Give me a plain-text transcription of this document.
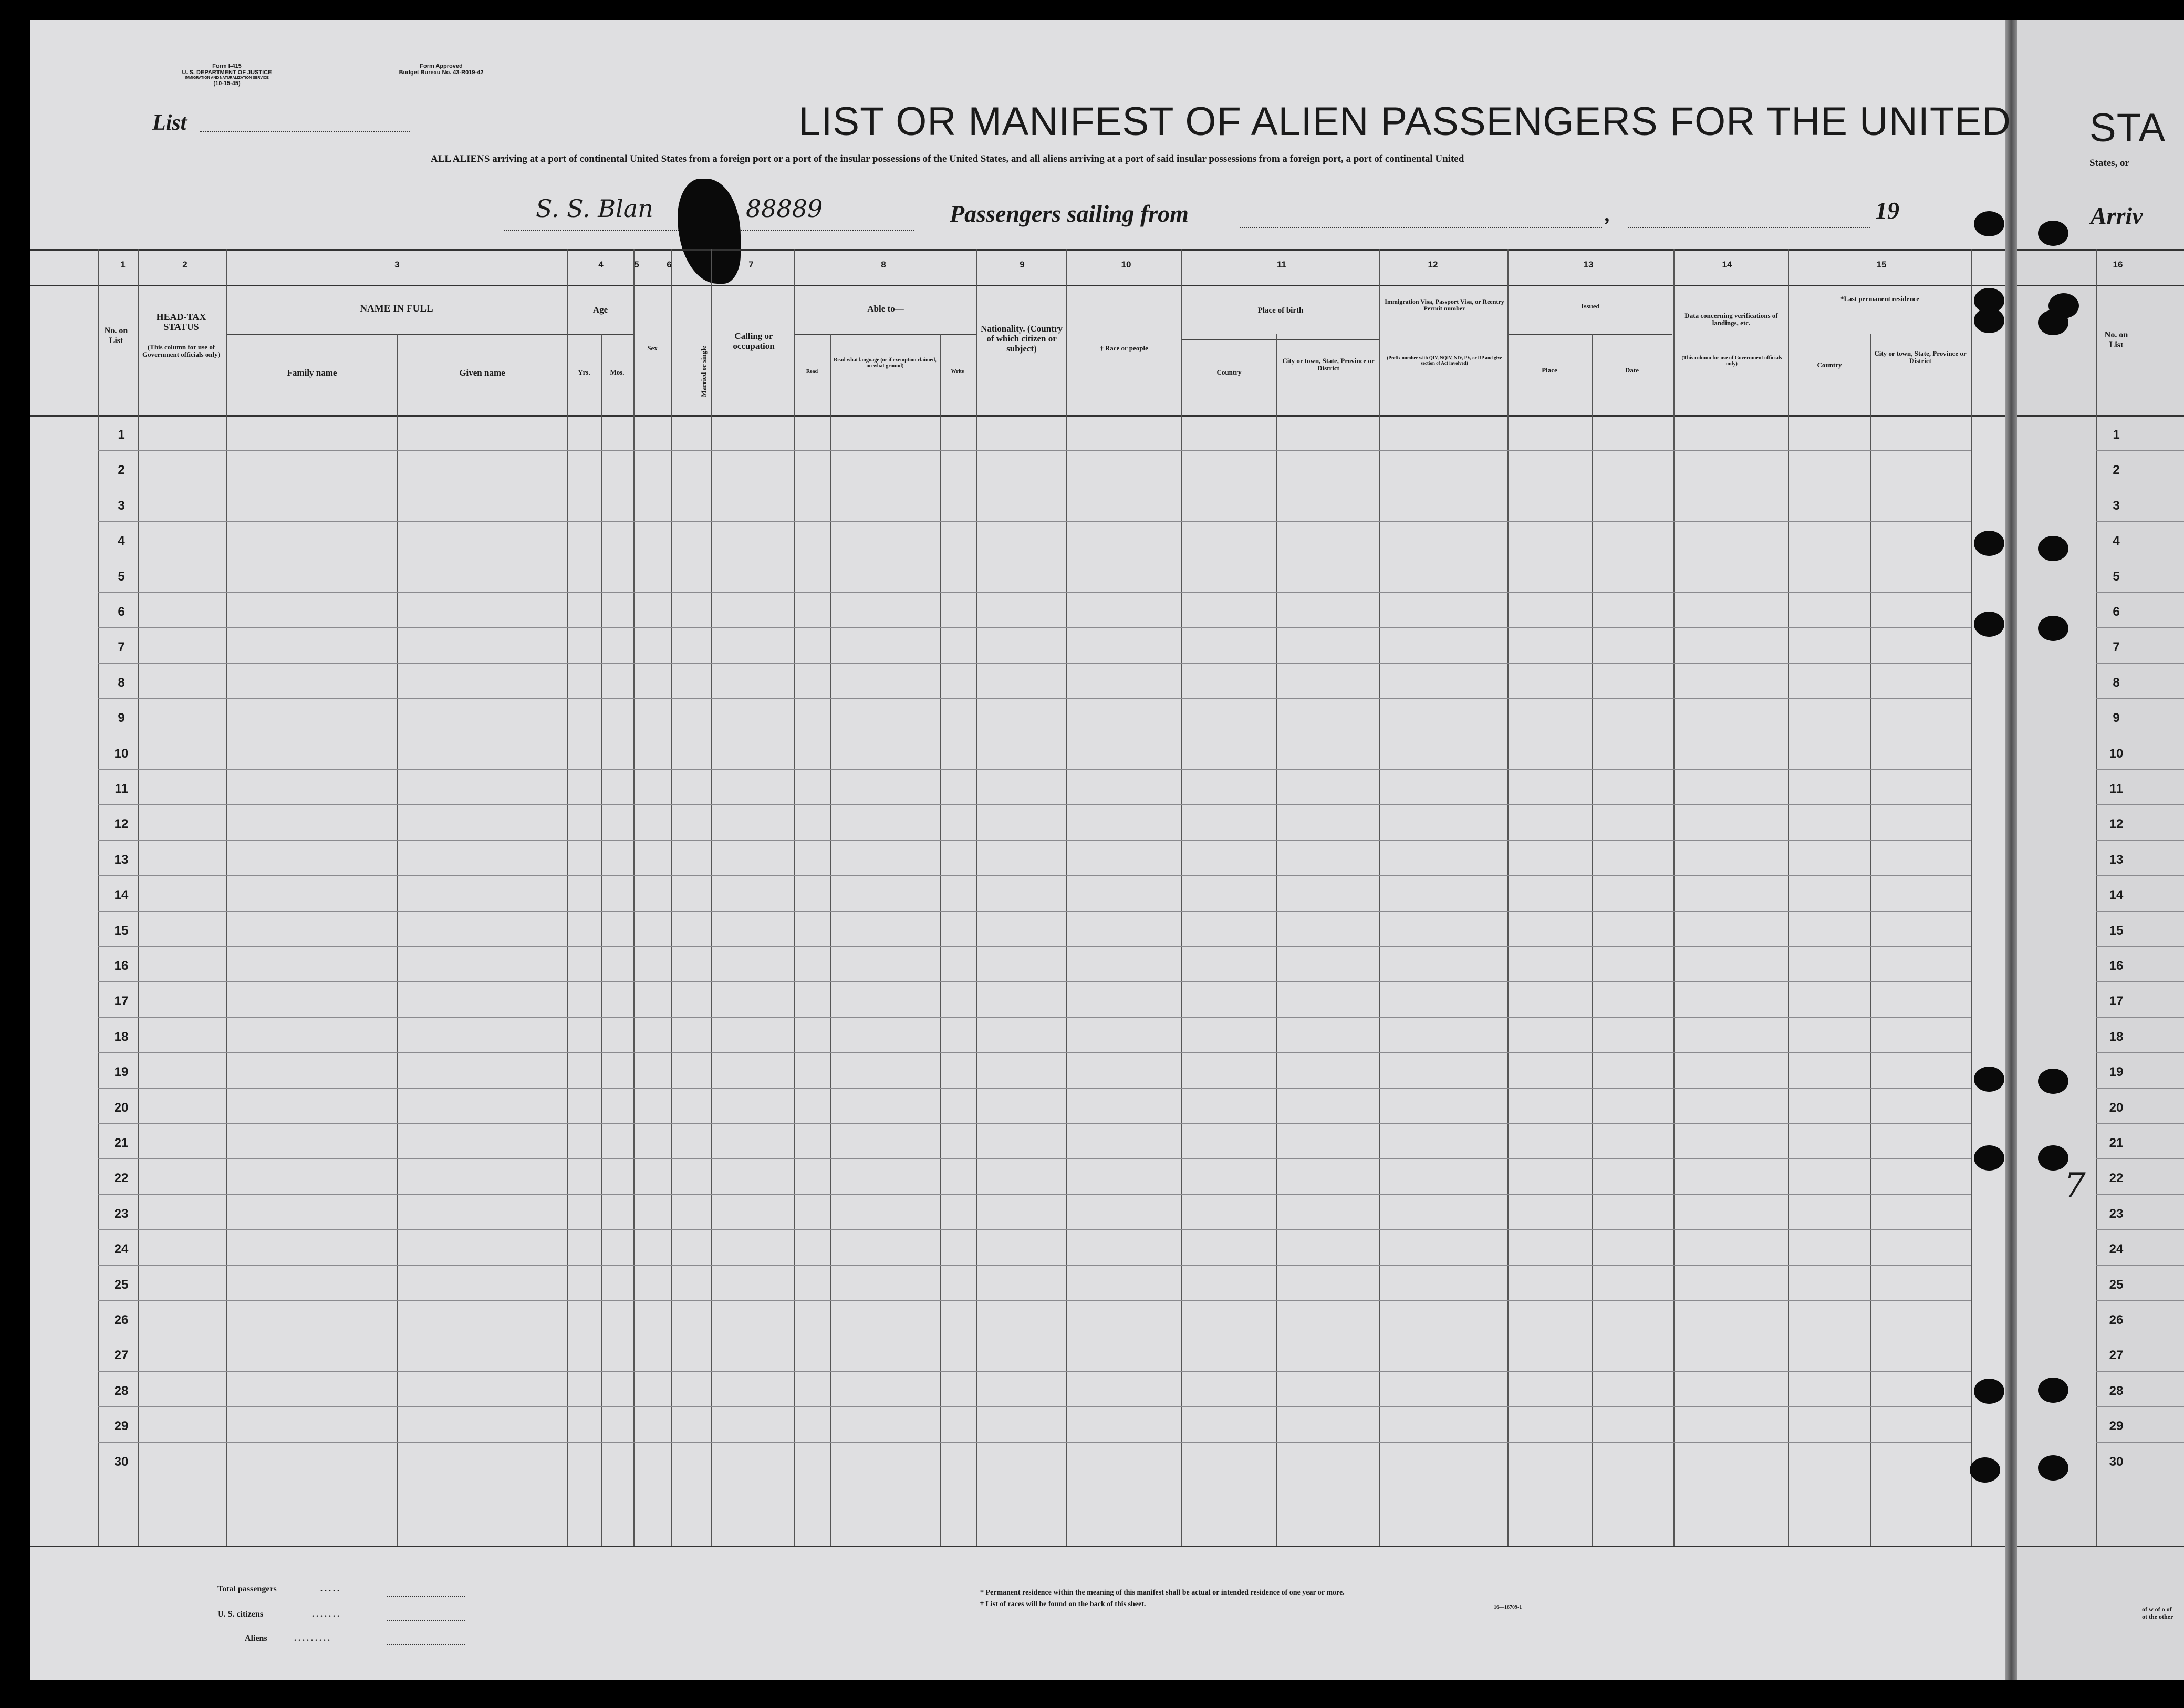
Form I-415
U. S. DEPARTMENT OF JUSTICE
IMMIGRATION AND NATURALIZATION SERVICE
(10-15-45)
Form Approved
Budget Bureau No. 43-R019-42
List	LIST OR MANIFEST OF ALIEN PASSENGERS FOR THE UNITED STA
ALL ALIENS arriving at a port of continental United States from a foreign port or a port of the insular possessions of the United States, and all aliens arriving at a port of said insular possessions from a foreign port, a port of continental United	States, or
S. S. Blan	88889	Passengers sailing from	,	19	Arriv
1	2	3	4	5	6	7	8	9	10	11	12	13	14	15	16
No. on List
HEAD-TAX STATUS
(This column for use of Government officials only)
NAME IN FULL
Family name	Given name
Age
Yrs.	Mos.
Sex	Married or single
Calling or occupation
Able to—
Read
Read what language (or if exemption claimed, on what ground)
Write
Nationality. (Country of which citizen or subject)	† Race or people
Place of birth
Country
City or town, State, Province or District
Immigration Visa, Passport Visa, or Reentry Permit number
(Prefix number with QIV, NQIV, NIV, PV, or RP and give section of Act involved)
Issued
Place	Date
Data concerning verifications of landings, etc.
(This column for use of Government officials only)
*Last permanent residence
Country
City or town, State, Province or District
No. on List
1
2
3
4
5
6
7
8
9
10
11
12
13
14
15
16
17
18
19
20
21
22
23
24
25
26
27
28
29
30
1
2
3
4
5
6
7
8
9
10
11
12
13
14
15
16
17
18
19
20
21
22
23
24
25
26
27
28
29
30
7
Total passengers	. . . . .
U. S. citizens	. . . . . . .
Aliens	. . . . . . . . .
* Permanent residence within the meaning of this manifest shall be actual or intended residence of one year or more.
† List of races will be found on the back of this sheet.	16—16709-1	of w of o of ot the other
